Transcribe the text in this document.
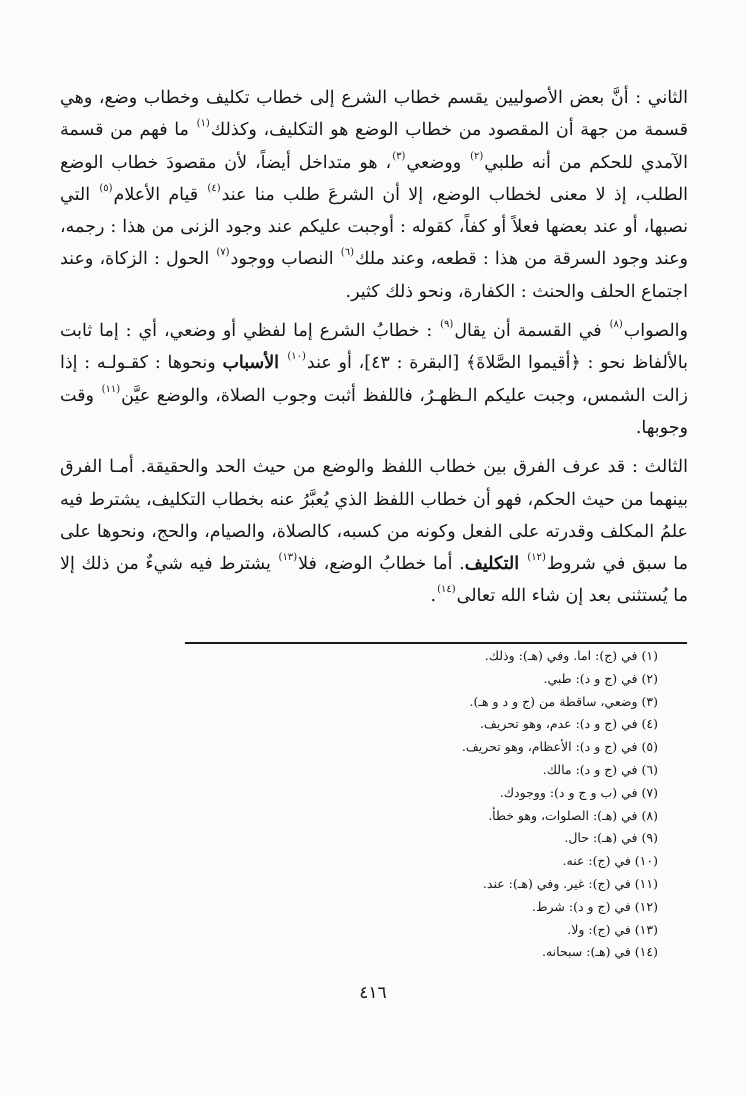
الثاني : أنَّ بعض الأصوليين يقسم خطاب الشرع إلى خطاب تكليف وخطاب وضع، وهي قسمة من جهة أن المقصود من خطاب الوضع هو التكليف، وكذلك$^{(١)}$ ما فهم من قسمة الآمدي للحكم من أنه طلبي$^{(٢)}$ ووضعي$^{(٣)}$، هو متداخل أيضاً، لأن مقصودَ خطاب الوضع الطلب، إذ لا معنى لخطاب الوضع، إلا أن الشرعَ طلب منا عند$^{(٤)}$ قيام الأعلام$^{(٥)}$ التي نصبها، أو عند بعضها فعلاً أو كفاً، كقوله : أوجبت عليكم عند وجود الزنى من هذا : رجمه، وعند وجود السرقة من هذا : قطعه، وعند ملك$^{(٦)}$ النصاب ووجود$^{(٧)}$ الحول : الزكاة، وعند اجتماع الحلف والحنث : الكفارة، ونحو ذلك كثير.

والصواب$^{(٨)}$ في القسمة أن يقال$^{(٩)}$ : خطابُ الشرع إما لفظي أو وضعي، أي : إما ثابت بالألفاظ نحو : ﴿أقيموا الصَّلاةَ﴾ [البقرة : ٤٣]، أو عند$^{(١٠)}$ الأسباب ونحوها : كقـولـه : إذا زالت الشمس، وجبت عليكم الـظهـرُ، فاللفظ أثبت وجوب الصلاة، والوضع عيَّن$^{(١١)}$ وقت وجوبها.

الثالث : قد عرف الفرق بين خطاب اللفظ والوضع من حيث الحد والحقيقة. أمـا الفرق بينهما من حيث الحكم، فهو أن خطاب اللفظ الذي يُعبَّرُ عنه بخطاب التكليف، يشترط فيه علمُ المكلف وقدرته على الفعل وكونه من كسبه، كالصلاة، والصيام، والحج، ونحوها على ما سبق في شروط$^{(١٢)}$ التكليف. أما خطابُ الوضع، فلا$^{(١٣)}$ يشترط فيه شيءٌ من ذلك إلا ما يُستثنى بعد إن شاء الله تعالى$^{(١٤)}$.

(١) في (ج): اما. وفي (هـ): وذلك.
(٢) في (ج و د): طبي.
(٣) وضعي، ساقطة من (ج و د و هـ).
(٤) في (ج و د): عدم، وهو تحريف.
(٥) في (ج و د): الأعظام، وهو تحريف.
(٦) في (ج و د): مالك.
(٧) في (ب و ج و د): ووجودك.
(٨) في (هـ): الصلوات، وهو خطأ.
(٩) في (هـ): حال.
(١٠) في (ج): عنه.
(١١) في (ج): غير. وفي (هـ): عند.
(١٢) في (ج و د): شرط.
(١٣) في (ج): ولا.
(١٤) في (هـ): سبحانه.
٤١٦
